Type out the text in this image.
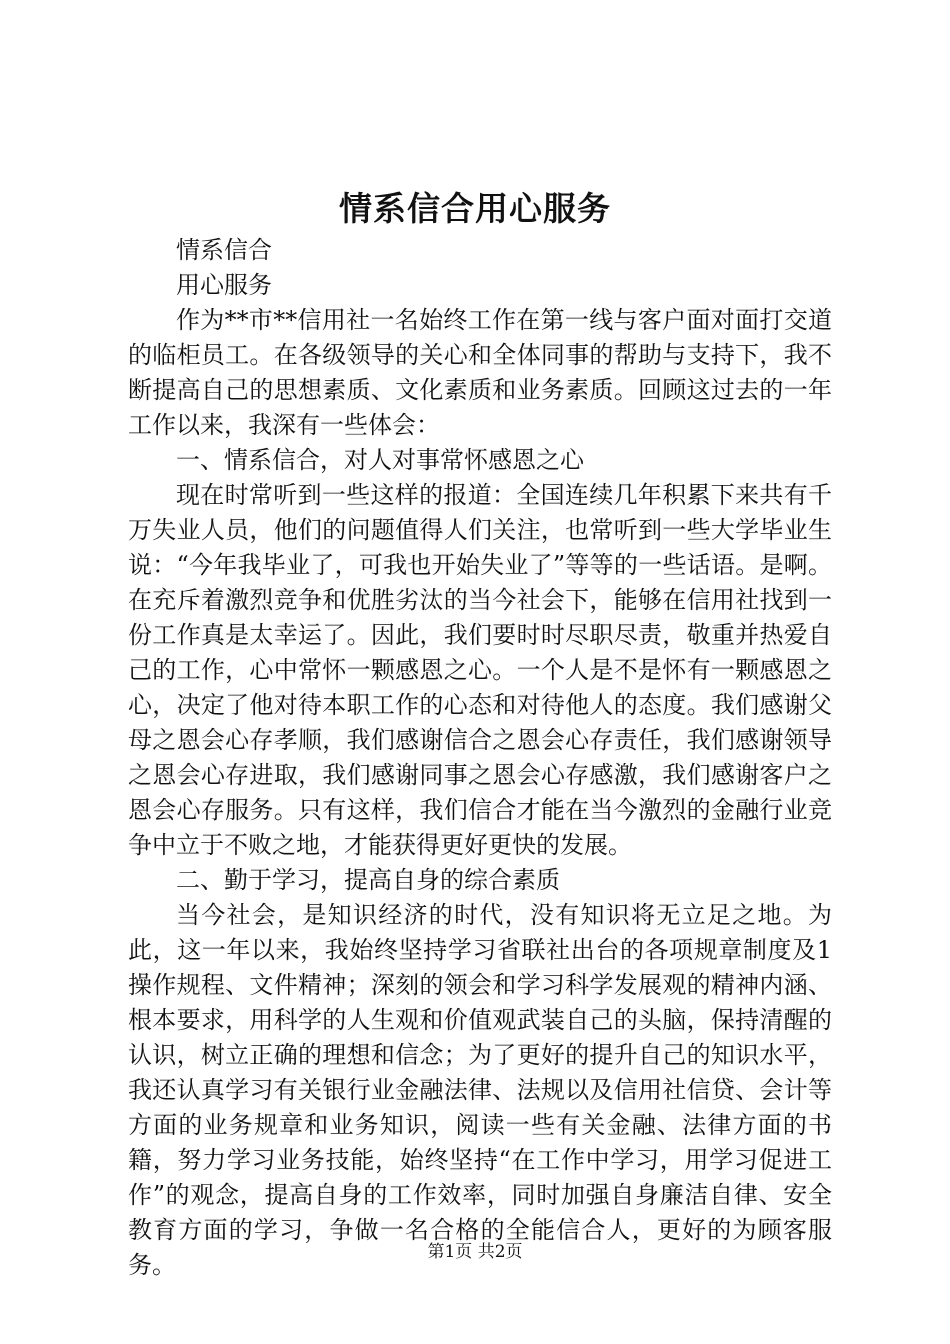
情系信合用心服务

情系信合

用心服务

作为**市**信用社一名始终工作在第一线与客户面对面打交道的临柜员工。在各级领导的关心和全体同事的帮助与支持下，我不断提高自己的思想素质、文化素质和业务素质。回顾这过去的一年工作以来，我深有一些体会：

一、情系信合，对人对事常怀感恩之心

现在时常听到一些这样的报道：全国连续几年积累下来共有千万失业人员，他们的问题值得人们关注，也常听到一些大学毕业生说：“今年我毕业了，可我也开始失业了”等等的一些话语。是啊。在充斥着激烈竞争和优胜劣汰的当今社会下，能够在信用社找到一份工作真是太幸运了。因此，我们要时时尽职尽责，敬重并热爱自己的工作，心中常怀一颗感恩之心。一个人是不是怀有一颗感恩之心，决定了他对待本职工作的心态和对待他人的态度。我们感谢父母之恩会心存孝顺，我们感谢信合之恩会心存责任，我们感谢领导之恩会心存进取，我们感谢同事之恩会心存感激，我们感谢客户之恩会心存服务。只有这样，我们信合才能在当今激烈的金融行业竞争中立于不败之地，才能获得更好更快的发展。

二、勤于学习，提高自身的综合素质

当今社会，是知识经济的时代，没有知识将无立足之地。为此，这一年以来，我始终坚持学习省联社出台的各项规章制度及1操作规程、文件精神；深刻的领会和学习科学发展观的精神内涵、根本要求，用科学的人生观和价值观武装自己的头脑，保持清醒的认识，树立正确的理想和信念；为了更好的提升自己的知识水平，我还认真学习有关银行业金融法律、法规以及信用社信贷、会计等方面的业务规章和业务知识，阅读一些有关金融、法律方面的书籍，努力学习业务技能，始终坚持“在工作中学习，用学习促进工作”的观念，提高自身的工作效率，同时加强自身廉洁自律、安全教育方面的学习，争做一名合格的全能信合人，更好的为顾客服务。	第1页 共2页
